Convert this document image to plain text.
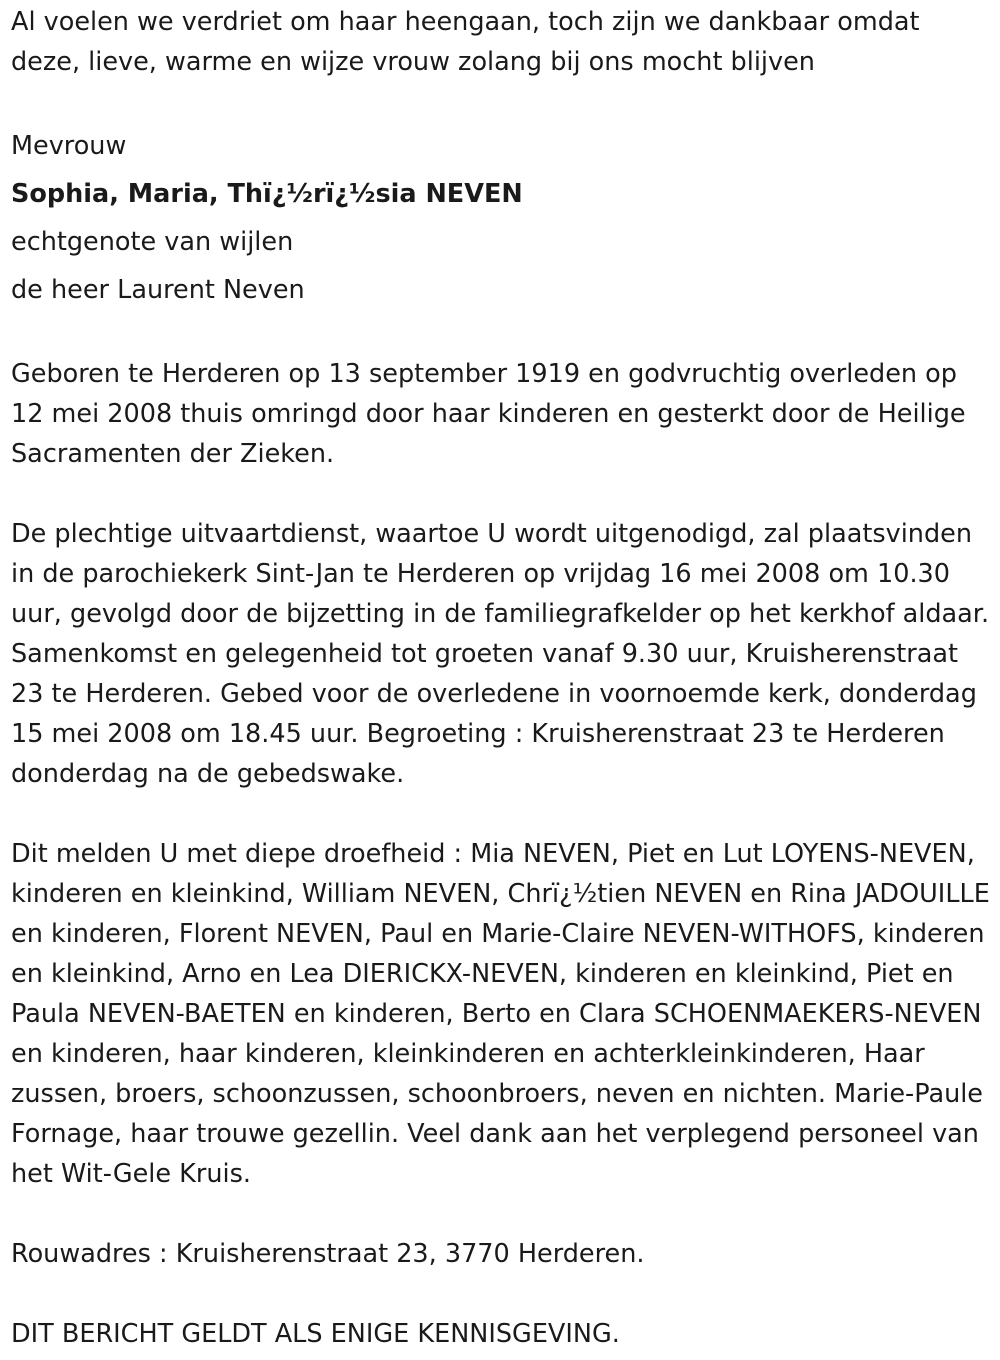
Al voelen we verdriet om haar heengaan, toch zijn we dankbaar omdat deze, lieve, warme en wijze vrouw zolang bij ons mocht blijven

Mevrouw

Sophia, Maria, Thï¿½rï¿½sia NEVEN

echtgenote van wijlen

de heer Laurent Neven

Geboren te Herderen op 13 september 1919 en godvruchtig overleden op 12 mei 2008 thuis omringd door haar kinderen en gesterkt door de Heilige Sacramenten der Zieken.

De plechtige uitvaartdienst, waartoe U wordt uitgenodigd, zal plaatsvinden in de parochiekerk Sint-Jan te Herderen op vrijdag 16 mei 2008 om 10.30 uur, gevolgd door de bijzetting in de familiegrafkelder op het kerkhof aldaar. Samenkomst en gelegenheid tot groeten vanaf 9.30 uur, Kruisherenstraat 23 te Herderen. Gebed voor de overledene in voornoemde kerk, donderdag 15 mei 2008 om 18.45 uur. Begroeting : Kruisherenstraat 23 te Herderen donderdag na de gebedswake.

Dit melden U met diepe droefheid : Mia NEVEN, Piet en Lut LOYENS-NEVEN, kinderen en kleinkind, William NEVEN, Chrï¿½tien NEVEN en Rina JADOUILLE en kinderen, Florent NEVEN, Paul en Marie-Claire NEVEN-WITHOFS, kinderen en kleinkind, Arno en Lea DIERICKX-NEVEN, kinderen en kleinkind, Piet en Paula NEVEN-BAETEN en kinderen, Berto en Clara SCHOENMAEKERS-NEVEN en kinderen, haar kinderen, kleinkinderen en achterkleinkinderen, Haar zussen, broers, schoonzussen, schoonbroers, neven en nichten. Marie-Paule Fornage, haar trouwe gezellin. Veel dank aan het verplegend personeel van het Wit-Gele Kruis.

Rouwadres : Kruisherenstraat 23, 3770 Herderen.

DIT BERICHT GELDT ALS ENIGE KENNISGEVING.
